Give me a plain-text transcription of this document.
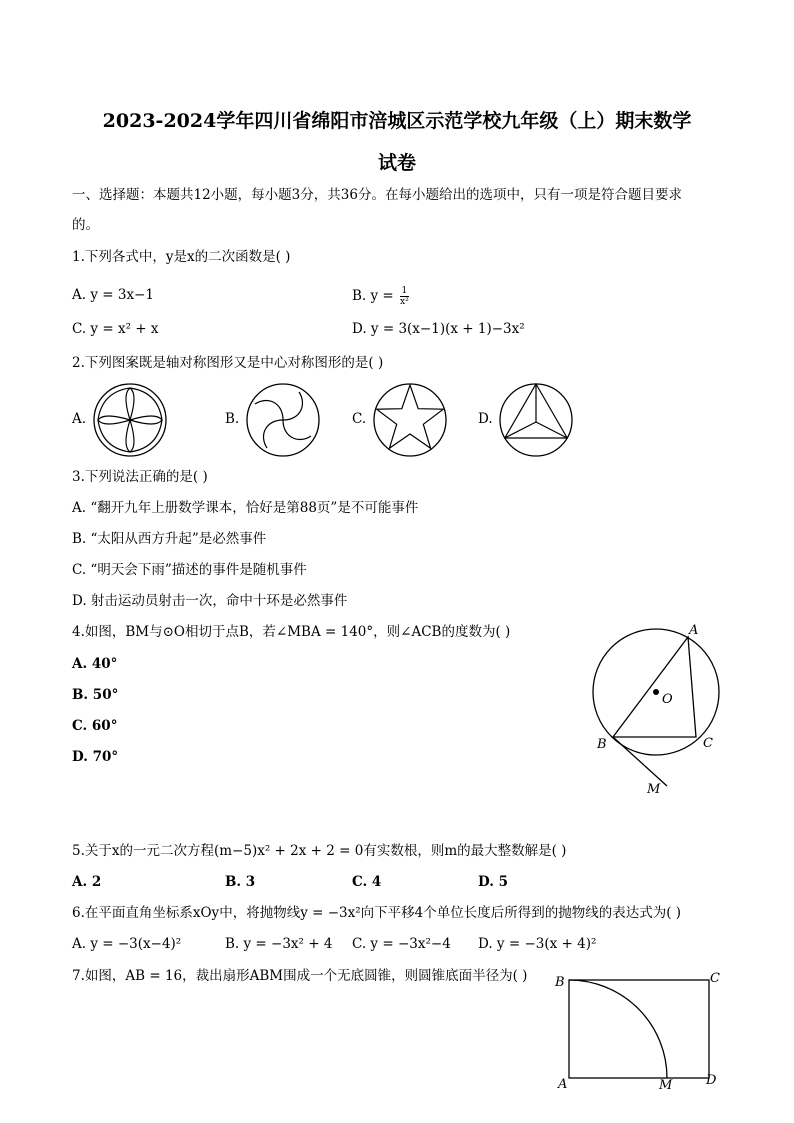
2023-2024学年四川省绵阳市涪城区示范学校九年级（上）期末数学
试卷
一、选择题：本题共12小题，每小题3分，共36分。在每小题给出的选项中，只有一项是符合题目要求
的。
1.下列各式中，y是x的二次函数是( )
A. y = 3x−1	B. $y = \frac{1}{\text{x²}}$
C. y = x² + x	D. y = 3(x−1)(x + 1)−3x²
2.下列图案既是轴对称图形又是中心对称图形的是( )
A.	B.	C.	D.
3.下列说法正确的是( )
A. “翻开九年上册数学课本，恰好是第88页”是不可能事件
B. “太阳从西方升起”是必然事件
C. “明天会下雨”描述的事件是随机事件
D. 射击运动员射击一次，命中十环是必然事件
4.如图，BM与⊙O相切于点B，若∠MBA = 140°，则∠ACB的度数为( )
A. 40°
B. 50°
C. 60°
D. 70°
A
O
B	C
M
5.关于x的一元二次方程(m−5)x² + 2x + 2 = 0有实数根，则m的最大整数解是( )
A. 2	B. 3	C. 4	D. 5
6.在平面直角坐标系xOy中，将抛物线y = −3x²向下平移4个单位长度后所得到的抛物线的表达式为( )
A. y = −3(x−4)²	B. y = −3x² + 4 C. y = −3x²−4 D. y = −3(x + 4)²
7.如图，AB = 16，裁出扇形ABM围成一个无底圆锥，则圆锥底面半径为( ) B	C
A	M	D
